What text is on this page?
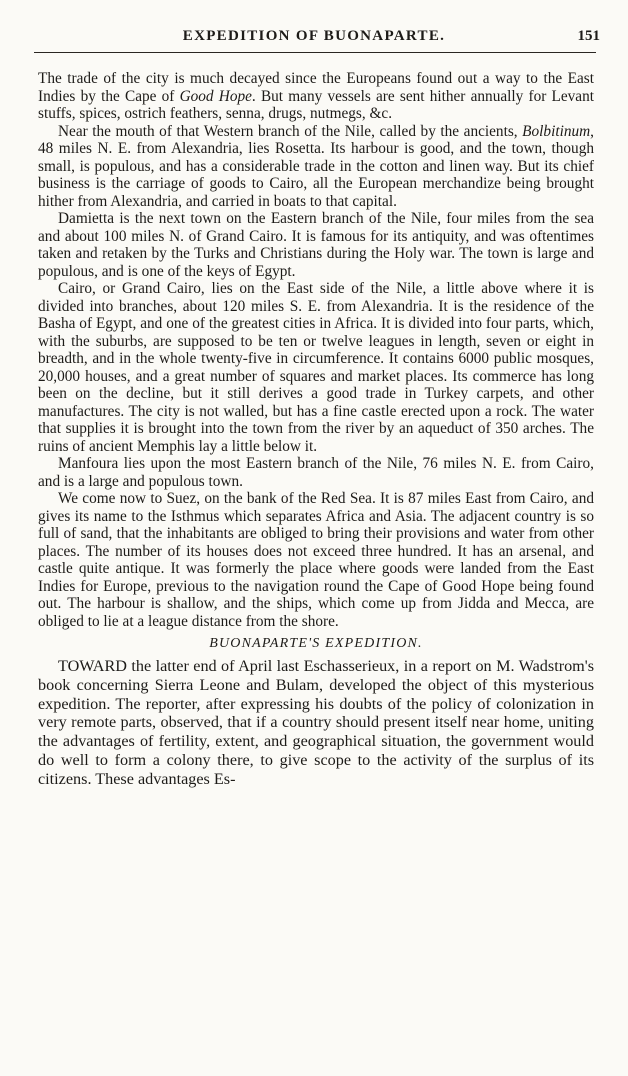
EXPEDITION OF BUONAPARTE.	151

The trade of the city is much decayed since the Europeans found out a way to the East Indies by the Cape of Good Hope. But many vessels are sent hither annually for Levant stuffs, spices, ostrich feathers, senna, drugs, nutmegs, &c.

Near the mouth of that Western branch of the Nile, called by the ancients, Bolbitinum, 48 miles N. E. from Alexandria, lies Rosetta. Its harbour is good, and the town, though small, is populous, and has a considerable trade in the cotton and linen way. But its chief business is the carriage of goods to Cairo, all the European merchandize being brought hither from Alexandria, and carried in boats to that capital.

Damietta is the next town on the Eastern branch of the Nile, four miles from the sea and about 100 miles N. of Grand Cairo. It is famous for its antiquity, and was oftentimes taken and retaken by the Turks and Christians during the Holy war. The town is large and populous, and is one of the keys of Egypt.

Cairo, or Grand Cairo, lies on the East side of the Nile, a little above where it is divided into branches, about 120 miles S. E. from Alexandria. It is the residence of the Basha of Egypt, and one of the greatest cities in Africa. It is divided into four parts, which, with the suburbs, are supposed to be ten or twelve leagues in length, seven or eight in breadth, and in the whole twenty-five in circumference. It contains 6000 public mosques, 20,000 houses, and a great number of squares and market places. Its commerce has long been on the decline, but it still derives a good trade in Turkey carpets, and other manufactures. The city is not walled, but has a fine castle erected upon a rock. The water that supplies it is brought into the town from the river by an aqueduct of 350 arches. The ruins of ancient Memphis lay a little below it.

Manfoura lies upon the most Eastern branch of the Nile, 76 miles N. E. from Cairo, and is a large and populous town.

We come now to Suez, on the bank of the Red Sea. It is 87 miles East from Cairo, and gives its name to the Isthmus which separates Africa and Asia. The adjacent country is so full of sand, that the inhabitants are obliged to bring their provisions and water from other places. The number of its houses does not exceed three hundred. It has an arsenal, and castle quite antique. It was formerly the place where goods were landed from the East Indies for Europe, previous to the navigation round the Cape of Good Hope being found out. The harbour is shallow, and the ships, which come up from Jidda and Mecca, are obliged to lie at a league distance from the shore.

BUONAPARTE'S EXPEDITION.

TOWARD the latter end of April last Eschasserieux, in a report on M. Wadstrom's book concerning Sierra Leone and Bulam, developed the object of this mysterious expedition. The reporter, after expressing his doubts of the policy of colonization in very remote parts, observed, that if a country should present itself near home, uniting the advantages of fertility, extent, and geographical situation, the government would do well to form a colony there, to give scope to the activity of the surplus of its citizens. These advantages Es-
